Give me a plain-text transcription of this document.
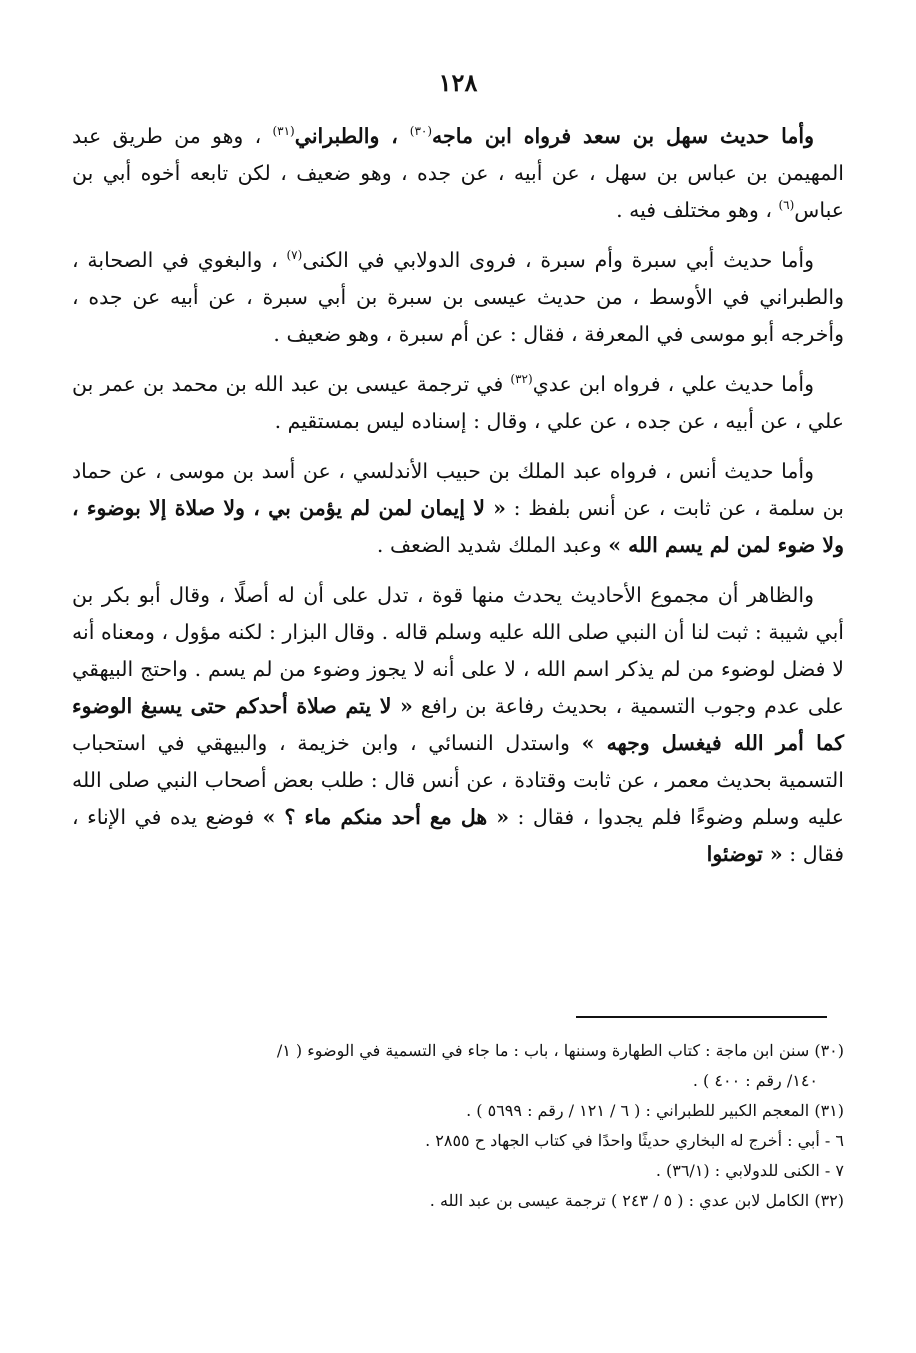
١٢٨

وأما حديث سهل بن سعد فرواه ابن ماجه$^{(٣٠)}$ ، والطبراني$^{(٣١)}$ ، وهو من طريق عبد المهيمن بن عباس بن سهل ، عن أبيه ، عن جده ، وهو ضعيف ، لكن تابعه أخوه أبي بن عباس$^{(٦)}$ ، وهو مختلف فيه .

وأما حديث أبي سبرة وأم سبرة ، فروى الدولابي في الكنى$^{(٧)}$ ، والبغوي في الصحابة ، والطبراني في الأوسط ، من حديث عيسى بن سبرة بن أبي سبرة ، عن أبيه عن جده ، وأخرجه أبو موسى في المعرفة ، فقال : عن أم سبرة ، وهو ضعيف .

وأما حديث علي ، فرواه ابن عدي$^{(٣٢)}$ في ترجمة عيسى بن عبد الله بن محمد بن عمر بن علي ، عن أبيه ، عن جده ، عن علي ، وقال : إسناده ليس بمستقيم .

وأما حديث أنس ، فرواه عبد الملك بن حبيب الأندلسي ، عن أسد بن موسى ، عن حماد بن سلمة ، عن ثابت ، عن أنس بلفظ : « لا إيمان لمن لم يؤمن بي ، ولا صلاة إلا بوضوء ، ولا ضوء لمن لم يسم الله » وعبد الملك شديد الضعف .

والظاهر أن مجموع الأحاديث يحدث منها قوة ، تدل على أن له أصلًا ، وقال أبو بكر بن أبي شيبة : ثبت لنا أن النبي صلى الله عليه وسلم قاله . وقال البزار : لكنه مؤول ، ومعناه أنه لا فضل لوضوء من لم يذكر اسم الله ، لا على أنه لا يجوز وضوء من لم يسم . واحتج البيهقي على عدم وجوب التسمية ، بحديث رفاعة بن رافع « لا يتم صلاة أحدكم حتى يسبغ الوضوء كما أمر الله فيغسل وجهه » واستدل النسائي ، وابن خزيمة ، والبيهقي في استحباب التسمية بحديث معمر ، عن ثابت وقتادة ، عن أنس قال : طلب بعض أصحاب النبي صلى الله عليه وسلم وضوءًا فلم يجدوا ، فقال : « هل مع أحد منكم ماء ؟ » فوضع يده في الإناء ، فقال : « توضئوا

(٣٠) سنن ابن ماجة : كتاب الطهارة وسننها ، باب : ما جاء في التسمية في الوضوء ( ١/
١٤٠/ رقم : ٤٠٠ ) .
(٣١) المعجم الكبير للطبراني : ( ٦ / ١٢١ / رقم : ٥٦٩٩ ) .
٦ - أبي : أخرج له البخاري حديثًا واحدًا في كتاب الجهاد ح ٢٨٥٥ .
٧ - الكنى للدولابي : (٣٦/١) .
(٣٢) الكامل لابن عدي : ( ٥ / ٢٤٣ ) ترجمة عيسى بن عبد الله .
